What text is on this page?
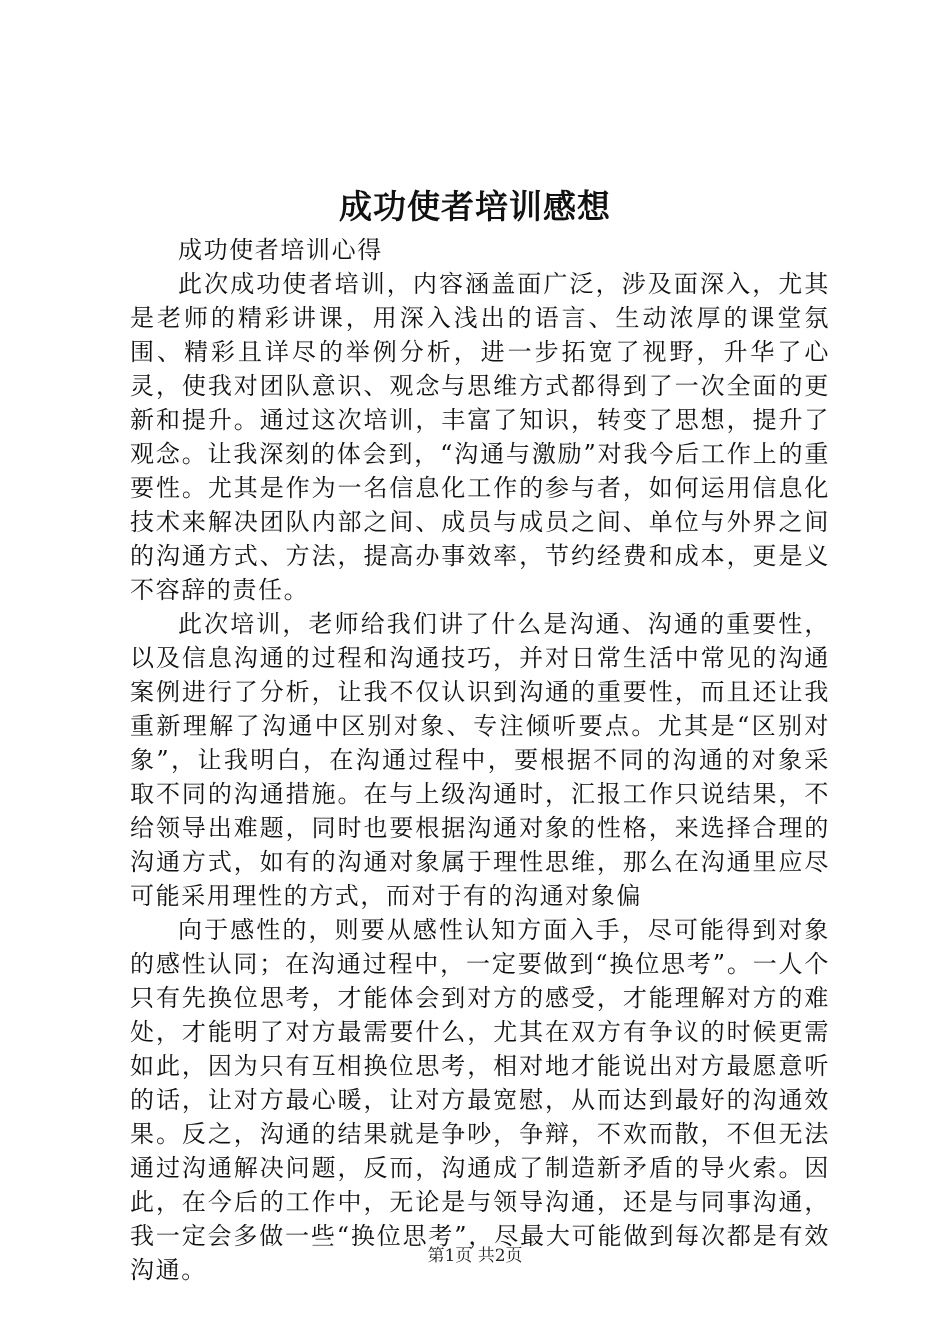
成功使者培训感想

成功使者培训心得

此次成功使者培训，内容涵盖面广泛，涉及面深入，尤其是老师的精彩讲课，用深入浅出的语言、生动浓厚的课堂氛围、精彩且详尽的举例分析，进一步拓宽了视野，升华了心灵，使我对团队意识、观念与思维方式都得到了一次全面的更新和提升。通过这次培训，丰富了知识，转变了思想，提升了观念。让我深刻的体会到，“沟通与激励”对我今后工作上的重要性。尤其是作为一名信息化工作的参与者，如何运用信息化技术来解决团队内部之间、成员与成员之间、单位与外界之间的沟通方式、方法，提高办事效率，节约经费和成本，更是义不容辞的责任。

此次培训，老师给我们讲了什么是沟通、沟通的重要性，以及信息沟通的过程和沟通技巧，并对日常生活中常见的沟通案例进行了分析，让我不仅认识到沟通的重要性，而且还让我重新理解了沟通中区别对象、专注倾听要点。尤其是“区别对象”，让我明白，在沟通过程中，要根据不同的沟通的对象采取不同的沟通措施。在与上级沟通时，汇报工作只说结果，不给领导出难题，同时也要根据沟通对象的性格，来选择合理的沟通方式，如有的沟通对象属于理性思维，那么在沟通里应尽可能采用理性的方式，而对于有的沟通对象偏

向于感性的，则要从感性认知方面入手，尽可能得到对象的感性认同；在沟通过程中，一定要做到“换位思考”。一人个只有先换位思考，才能体会到对方的感受，才能理解对方的难处，才能明了对方最需要什么，尤其在双方有争议的时候更需如此，因为只有互相换位思考，相对地才能说出对方最愿意听的话，让对方最心暖，让对方最宽慰，从而达到最好的沟通效果。反之，沟通的结果就是争吵，争辩，不欢而散，不但无法通过沟通解决问题，反而，沟通成了制造新矛盾的导火索。因此，在今后的工作中，无论是与领导沟通，还是与同事沟通，我一定会多做一些“换位思考”，尽最大可能做到每次都是有效沟通。	第1页 共2页
